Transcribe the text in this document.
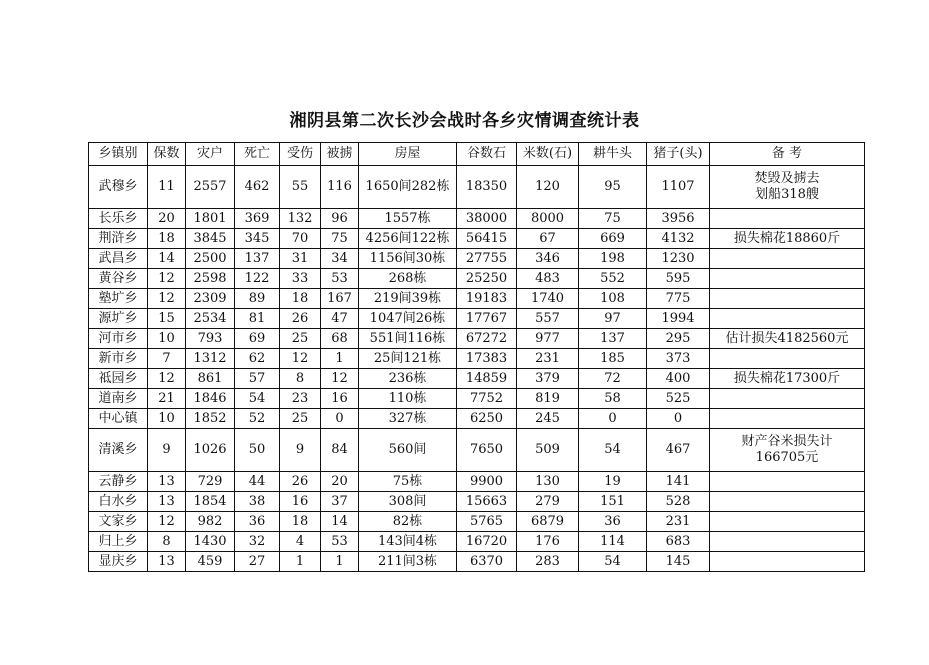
湘阴县第二次长沙会战时各乡灾情调查统计表
乡镇别	保数	灾户	死亡	受伤	被掳	房屋	谷数石	米数(石)	耕牛头	猪子(头)	备 考
武穆乡	11	2557	462	55	116	1650间282栋	18350	120	95	1107	焚毁及掳去
划船318艘

长乐乡	20	1801	369	132	96	1557栋	38000	8000	75	3956	
荆浒乡	18	3845	345	70	75	4256间122栋	56415	67	669	4132	损失棉花18860斤
武昌乡	14	2500	137	31	34	1156间30栋	27755	346	198	1230	
黄谷乡	12	2598	122	33	53	268栋	25250	483	552	595	
塾圹乡	12	2309	89	18	167	219间39栋	19183	1740	108	775	
源圹乡	15	2534	81	26	47	1047间26栋	17767	557	97	1994	
河市乡	10	793	69	25	68	551间116栋	67272	977	137	295	估计损失4182560元
新市乡	7	1312	62	12	1	25间121栋	17383	231	185	373	
祗园乡	12	861	57	8	12	236栋	14859	379	72	400	损失棉花17300斤
道南乡	21	1846	54	23	16	110栋	7752	819	58	525	
中心镇	10	1852	52	25	0	327栋	6250	245	0	0	
清溪乡	9	1026	50	9	84	560间	7650	509	54	467	财产谷米损失计
166705元

云静乡	13	729	44	26	20	75栋	9900	130	19	141	
白水乡	13	1854	38	16	37	308间	15663	279	151	528	
文家乡	12	982	36	18	14	82栋	5765	6879	36	231	
归上乡	8	1430	32	4	53	143间4栋	16720	176	114	683	
显庆乡	13	459	27	1	1	211间3栋	6370	283	54	145	
